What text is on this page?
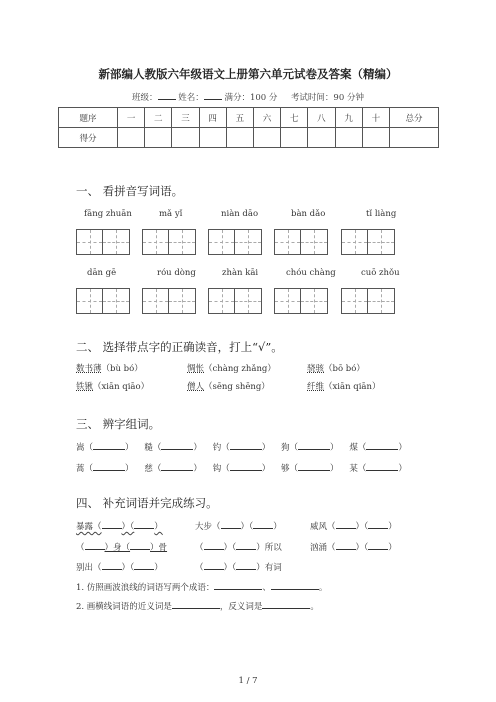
新部编人教版六年级语文上册第六单元试卷及答案（精编）
班级： 姓名： 满分：100 分 考试时间：90 分钟
题序	一	二	三	四	五	六	七	八	九	十	总分
得分											
一、 看拼音写词语。
fāng zhuān	mǎ yǐ	niàn dāo	bàn dǎo	tǐ liàng
dān gē	róu dòng	zhàn kāi	chóu chàng	cuō zhǒu
二、 选择带点字的正确读音，打上“√”。
数书薄（bù bó）	惆怅（chàng zhǎng）	骁骇（bō bó）
铁锹（xiān qiāo）	僧人（sēng shēng）	纤维（xiān qiān）
三、 辨字组词。
嵩（	） 糙（	） 钓（	） 狗（	） 煤（	）
蒿（	） 慈（	） 钩（	） 够（	） 某（	）
四、 补充词语并完成练习。
暴露（ ）（ ）	大步（ ）（ ）	威风（ ）（ ）
（ ）身（ ）骨	（ ）（ ）所以	汹涌（ ）（ ）
别出（ ）（ ）	（ ）（ ）有词
1. 仿照画波浪线的词语写两个成语：	、	。
2. 画横线词语的近义词是	，反义词是	。
1 / 7
